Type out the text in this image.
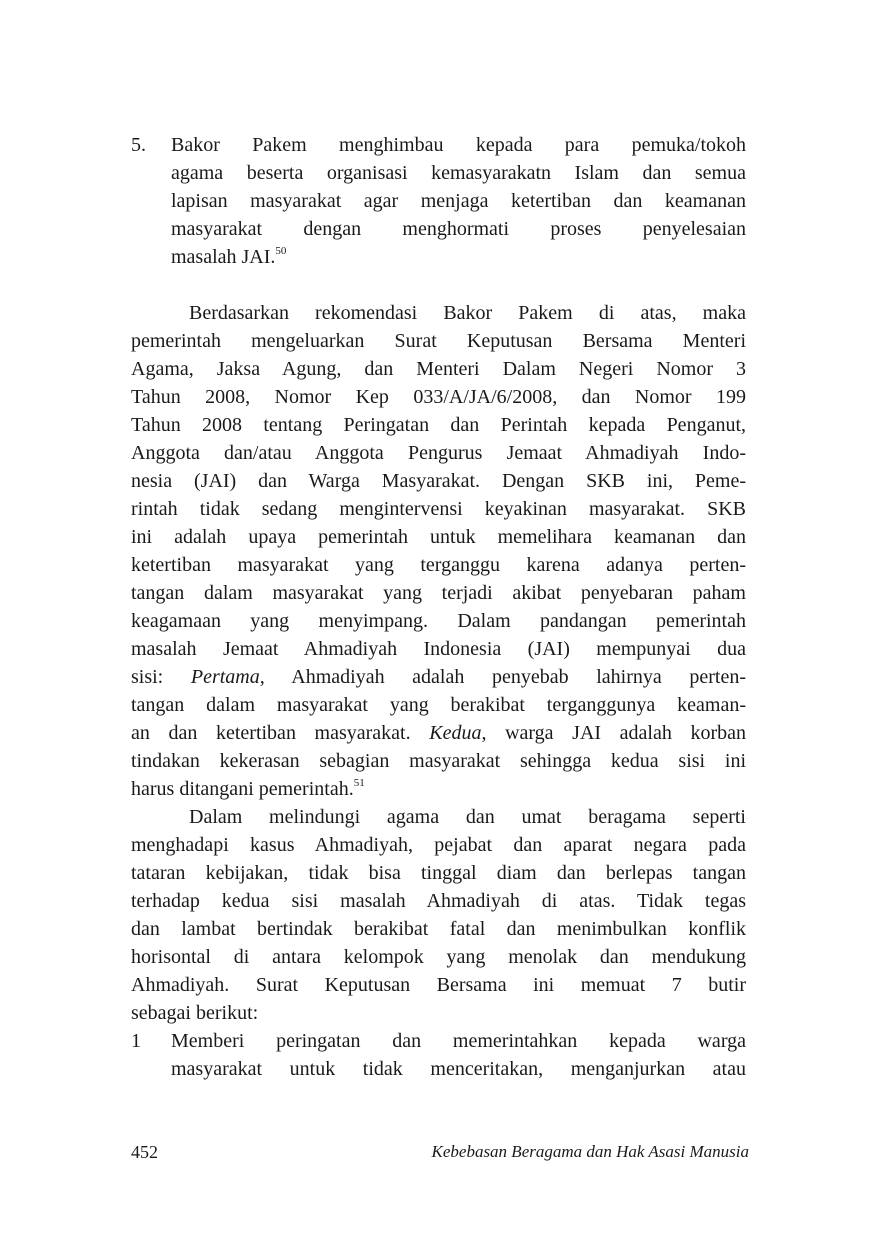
5.	Bakor Pakem menghimbau kepada para pemuka/tokoh
agama beserta organisasi kemasyarakatn Islam dan semua
lapisan masyarakat agar menjaga ketertiban dan keamanan
masyarakat dengan menghormati proses penyelesaian
masalah JAI.$^{50}$
Berdasarkan rekomendasi Bakor Pakem di atas, maka
pemerintah mengeluarkan Surat Keputusan Bersama Menteri
Agama, Jaksa Agung, dan Menteri Dalam Negeri Nomor 3
Tahun 2008, Nomor Kep 033/A/JA/6/2008, dan Nomor 199
Tahun 2008 tentang Peringatan dan Perintah kepada Penganut,
Anggota dan/atau Anggota Pengurus Jemaat Ahmadiyah Indo-
nesia (JAI) dan Warga Masyarakat. Dengan SKB ini, Peme-
rintah tidak sedang mengintervensi keyakinan masyarakat. SKB
ini adalah upaya pemerintah untuk memelihara keamanan dan
ketertiban masyarakat yang terganggu karena adanya perten-
tangan dalam masyarakat yang terjadi akibat penyebaran paham
keagamaan yang menyimpang. Dalam pandangan pemerintah
masalah Jemaat Ahmadiyah Indonesia (JAI) mempunyai dua
sisi: Pertama, Ahmadiyah adalah penyebab lahirnya perten-
tangan dalam masyarakat yang berakibat terganggunya keaman-
an dan ketertiban masyarakat. Kedua, warga JAI adalah korban
tindakan kekerasan sebagian masyarakat sehingga kedua sisi ini
harus ditangani pemerintah.$^{51}$
Dalam melindungi agama dan umat beragama seperti
menghadapi kasus Ahmadiyah, pejabat dan aparat negara pada
tataran kebijakan, tidak bisa tinggal diam dan berlepas tangan
terhadap kedua sisi masalah Ahmadiyah di atas. Tidak tegas
dan lambat bertindak berakibat fatal dan menimbulkan konflik
horisontal di antara kelompok yang menolak dan mendukung
Ahmadiyah. Surat Keputusan Bersama ini memuat 7 butir
sebagai berikut:
1	Memberi peringatan dan memerintahkan kepada warga
masyarakat untuk tidak menceritakan, menganjurkan atau
452	Kebebasan Beragama dan Hak Asasi Manusia
